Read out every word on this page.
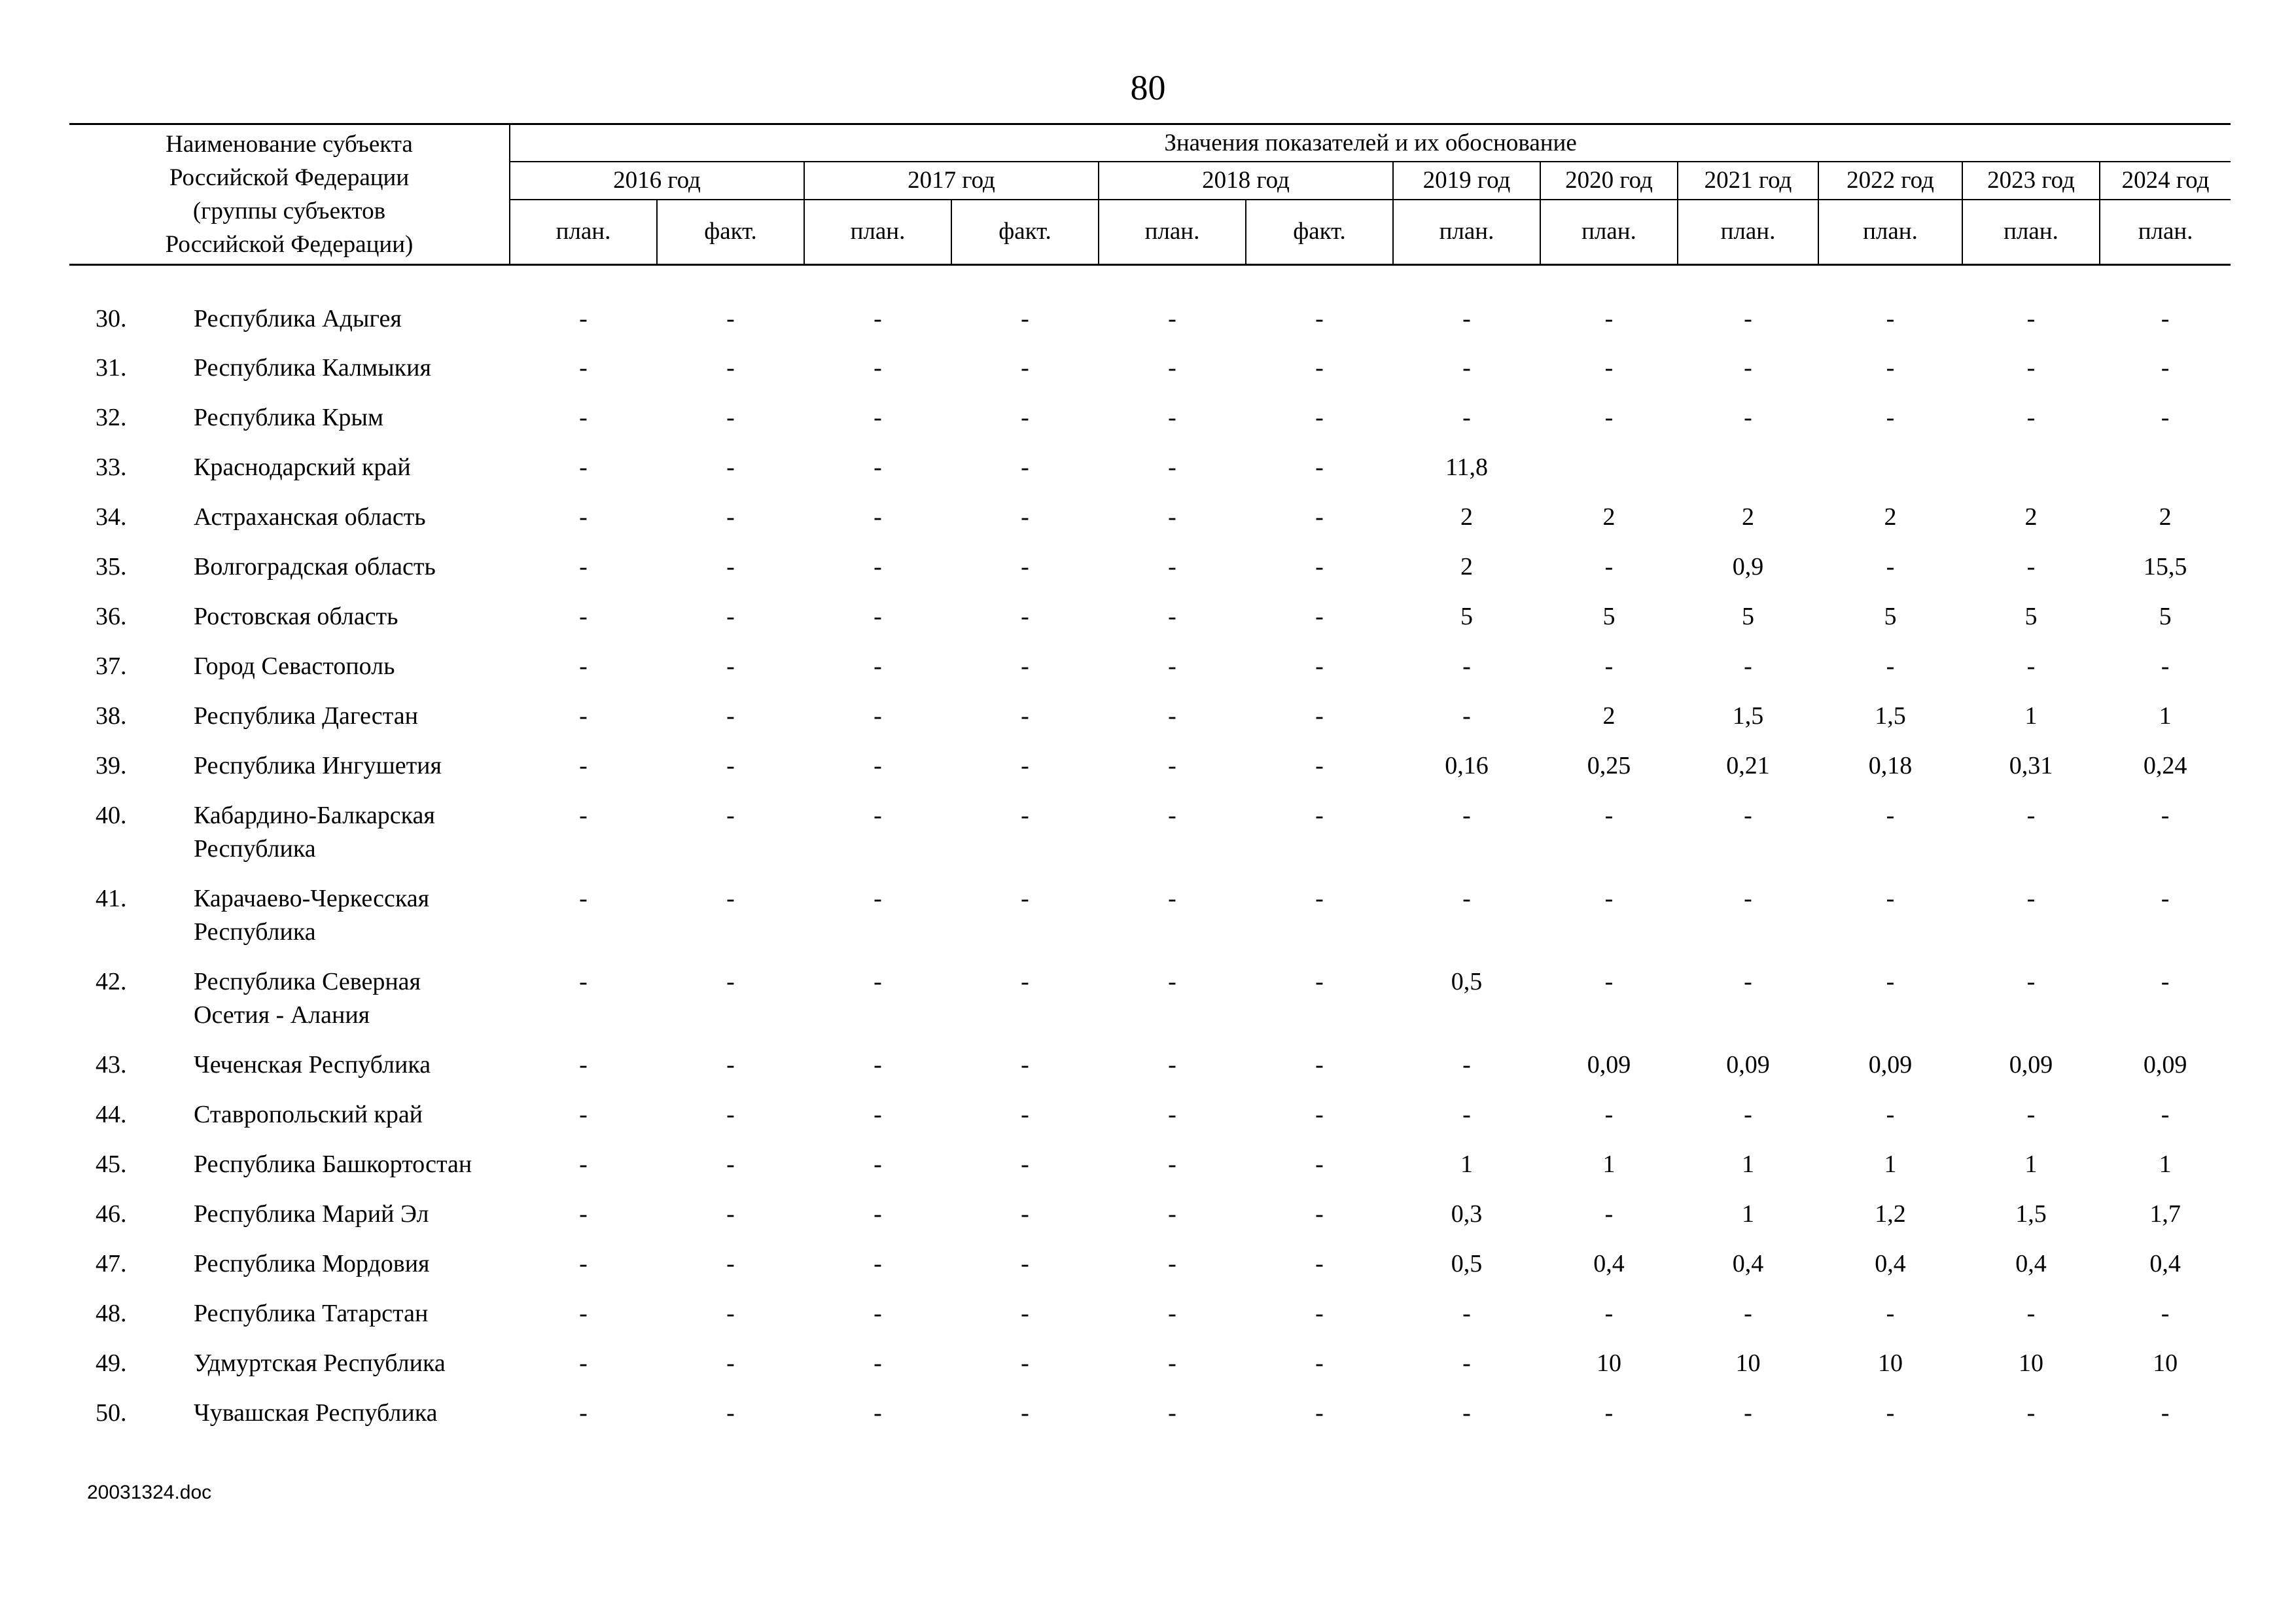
80
Наименование субъекта
Российской Федерации
(группы субъектов
Российской Федерации)		Значения показателей и их обоснование											
		2016 год		2017 год		2018 год		2019 год	2020 год	2021 год	2022 год	2023 год	2024 год
		план.	факт.	план.	факт.	план.	факт.	план.	план.	план.	план.	план.	план.
30.	Республика Адыгея	-	-	-	-	-	-	-	-	-	-	-	-
31.	Республика Калмыкия	-	-	-	-	-	-	-	-	-	-	-	-
32.	Республика Крым	-	-	-	-	-	-	-	-	-	-	-	-
33.	Краснодарский край	-	-	-	-	-	-	11,8					
34.	Астраханская область	-	-	-	-	-	-	2	2	2	2	2	2
35.	Волгоградская область	-	-	-	-	-	-	2	-	0,9	-	-	15,5
36.	Ростовская область	-	-	-	-	-	-	5	5	5	5	5	5
37.	Город Севастополь	-	-	-	-	-	-	-	-	-	-	-	-
38.	Республика Дагестан	-	-	-	-	-	-	-	2	1,5	1,5	1	1
39.	Республика Ингушетия	-	-	-	-	-	-	0,16	0,25	0,21	0,18	0,31	0,24
40.	Кабардино-Балкарская
Республика	-	-	-	-	-	-	-	-	-	-	-	-
41.	Карачаево-Черкесская
Республика	-	-	-	-	-	-	-	-	-	-	-	-
42.	Республика Северная
Осетия - Алания	-	-	-	-	-	-	0,5	-	-	-	-	-
43.	Чеченская Республика	-	-	-	-	-	-	-	0,09	0,09	0,09	0,09	0,09
44.	Ставропольский край	-	-	-	-	-	-	-	-	-	-	-	-
45.	Республика Башкортостан	-	-	-	-	-	-	1	1	1	1	1	1
46.	Республика Марий Эл	-	-	-	-	-	-	0,3	-	1	1,2	1,5	1,7
47.	Республика Мордовия	-	-	-	-	-	-	0,5	0,4	0,4	0,4	0,4	0,4
48.	Республика Татарстан	-	-	-	-	-	-	-	-	-	-	-	-
49.	Удмуртская Республика	-	-	-	-	-	-	-	10	10	10	10	10
50.	Чувашская Республика	-	-	-	-	-	-	-	-	-	-	-	-
20031324.doc
